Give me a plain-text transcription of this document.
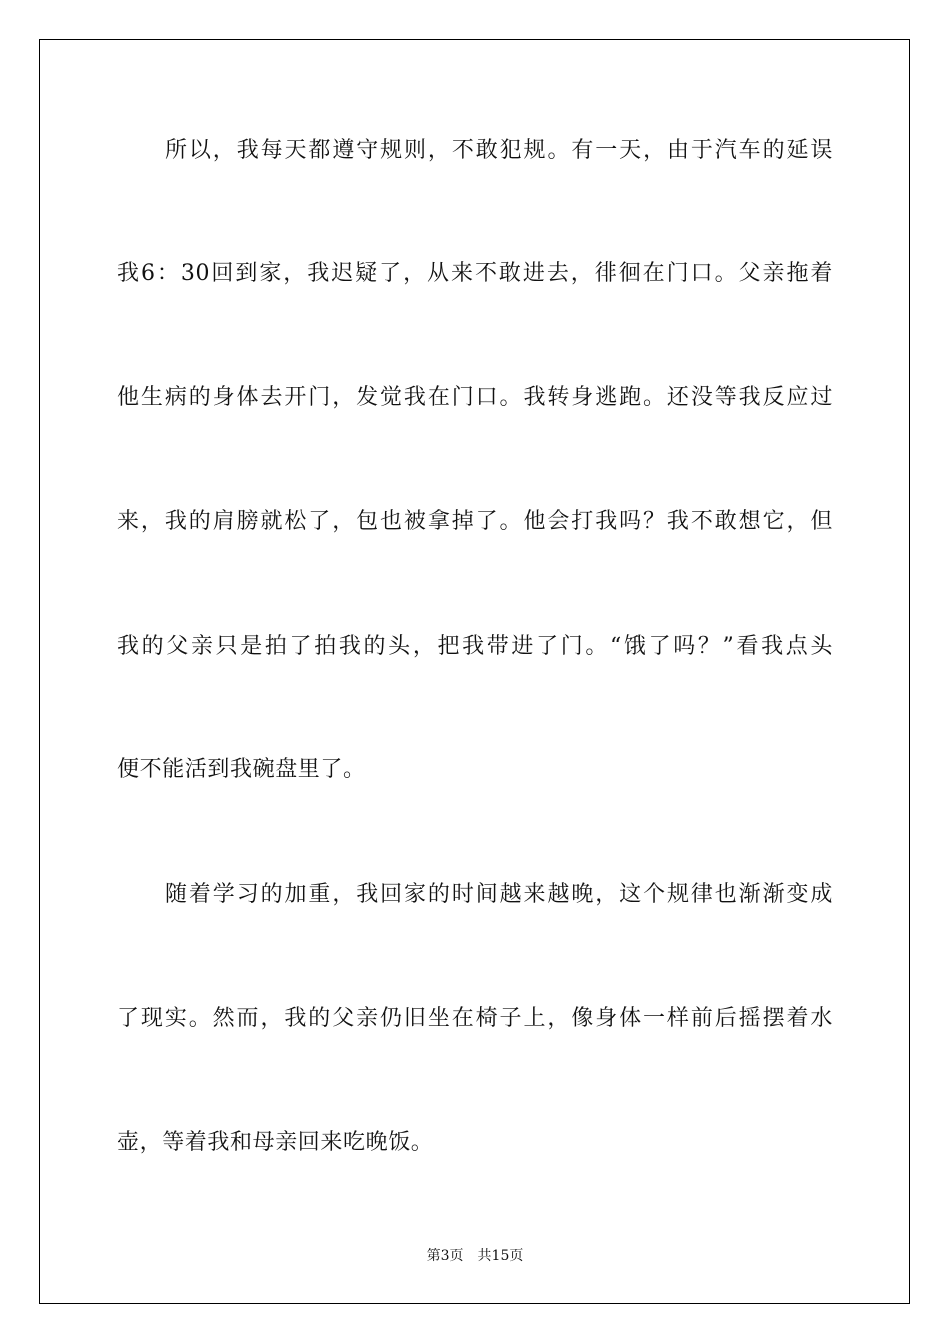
所以，我每天都遵守规则，不敢犯规。有一天，由于汽车的延误
我6：30回到家，我迟疑了，从来不敢进去，徘徊在门口。父亲拖着
他生病的身体去开门，发觉我在门口。我转身逃跑。还没等我反应过
来，我的肩膀就松了，包也被拿掉了。他会打我吗？我不敢想它，但
我的父亲只是拍了拍我的头，把我带进了门。“饿了吗？”看我点头
便不能活到我碗盘里了。
随着学习的加重，我回家的时间越来越晚，这个规律也渐渐变成
了现实。然而，我的父亲仍旧坐在椅子上，像身体一样前后摇摆着水
壶，等着我和母亲回来吃晚饭。
第3页 共15页
